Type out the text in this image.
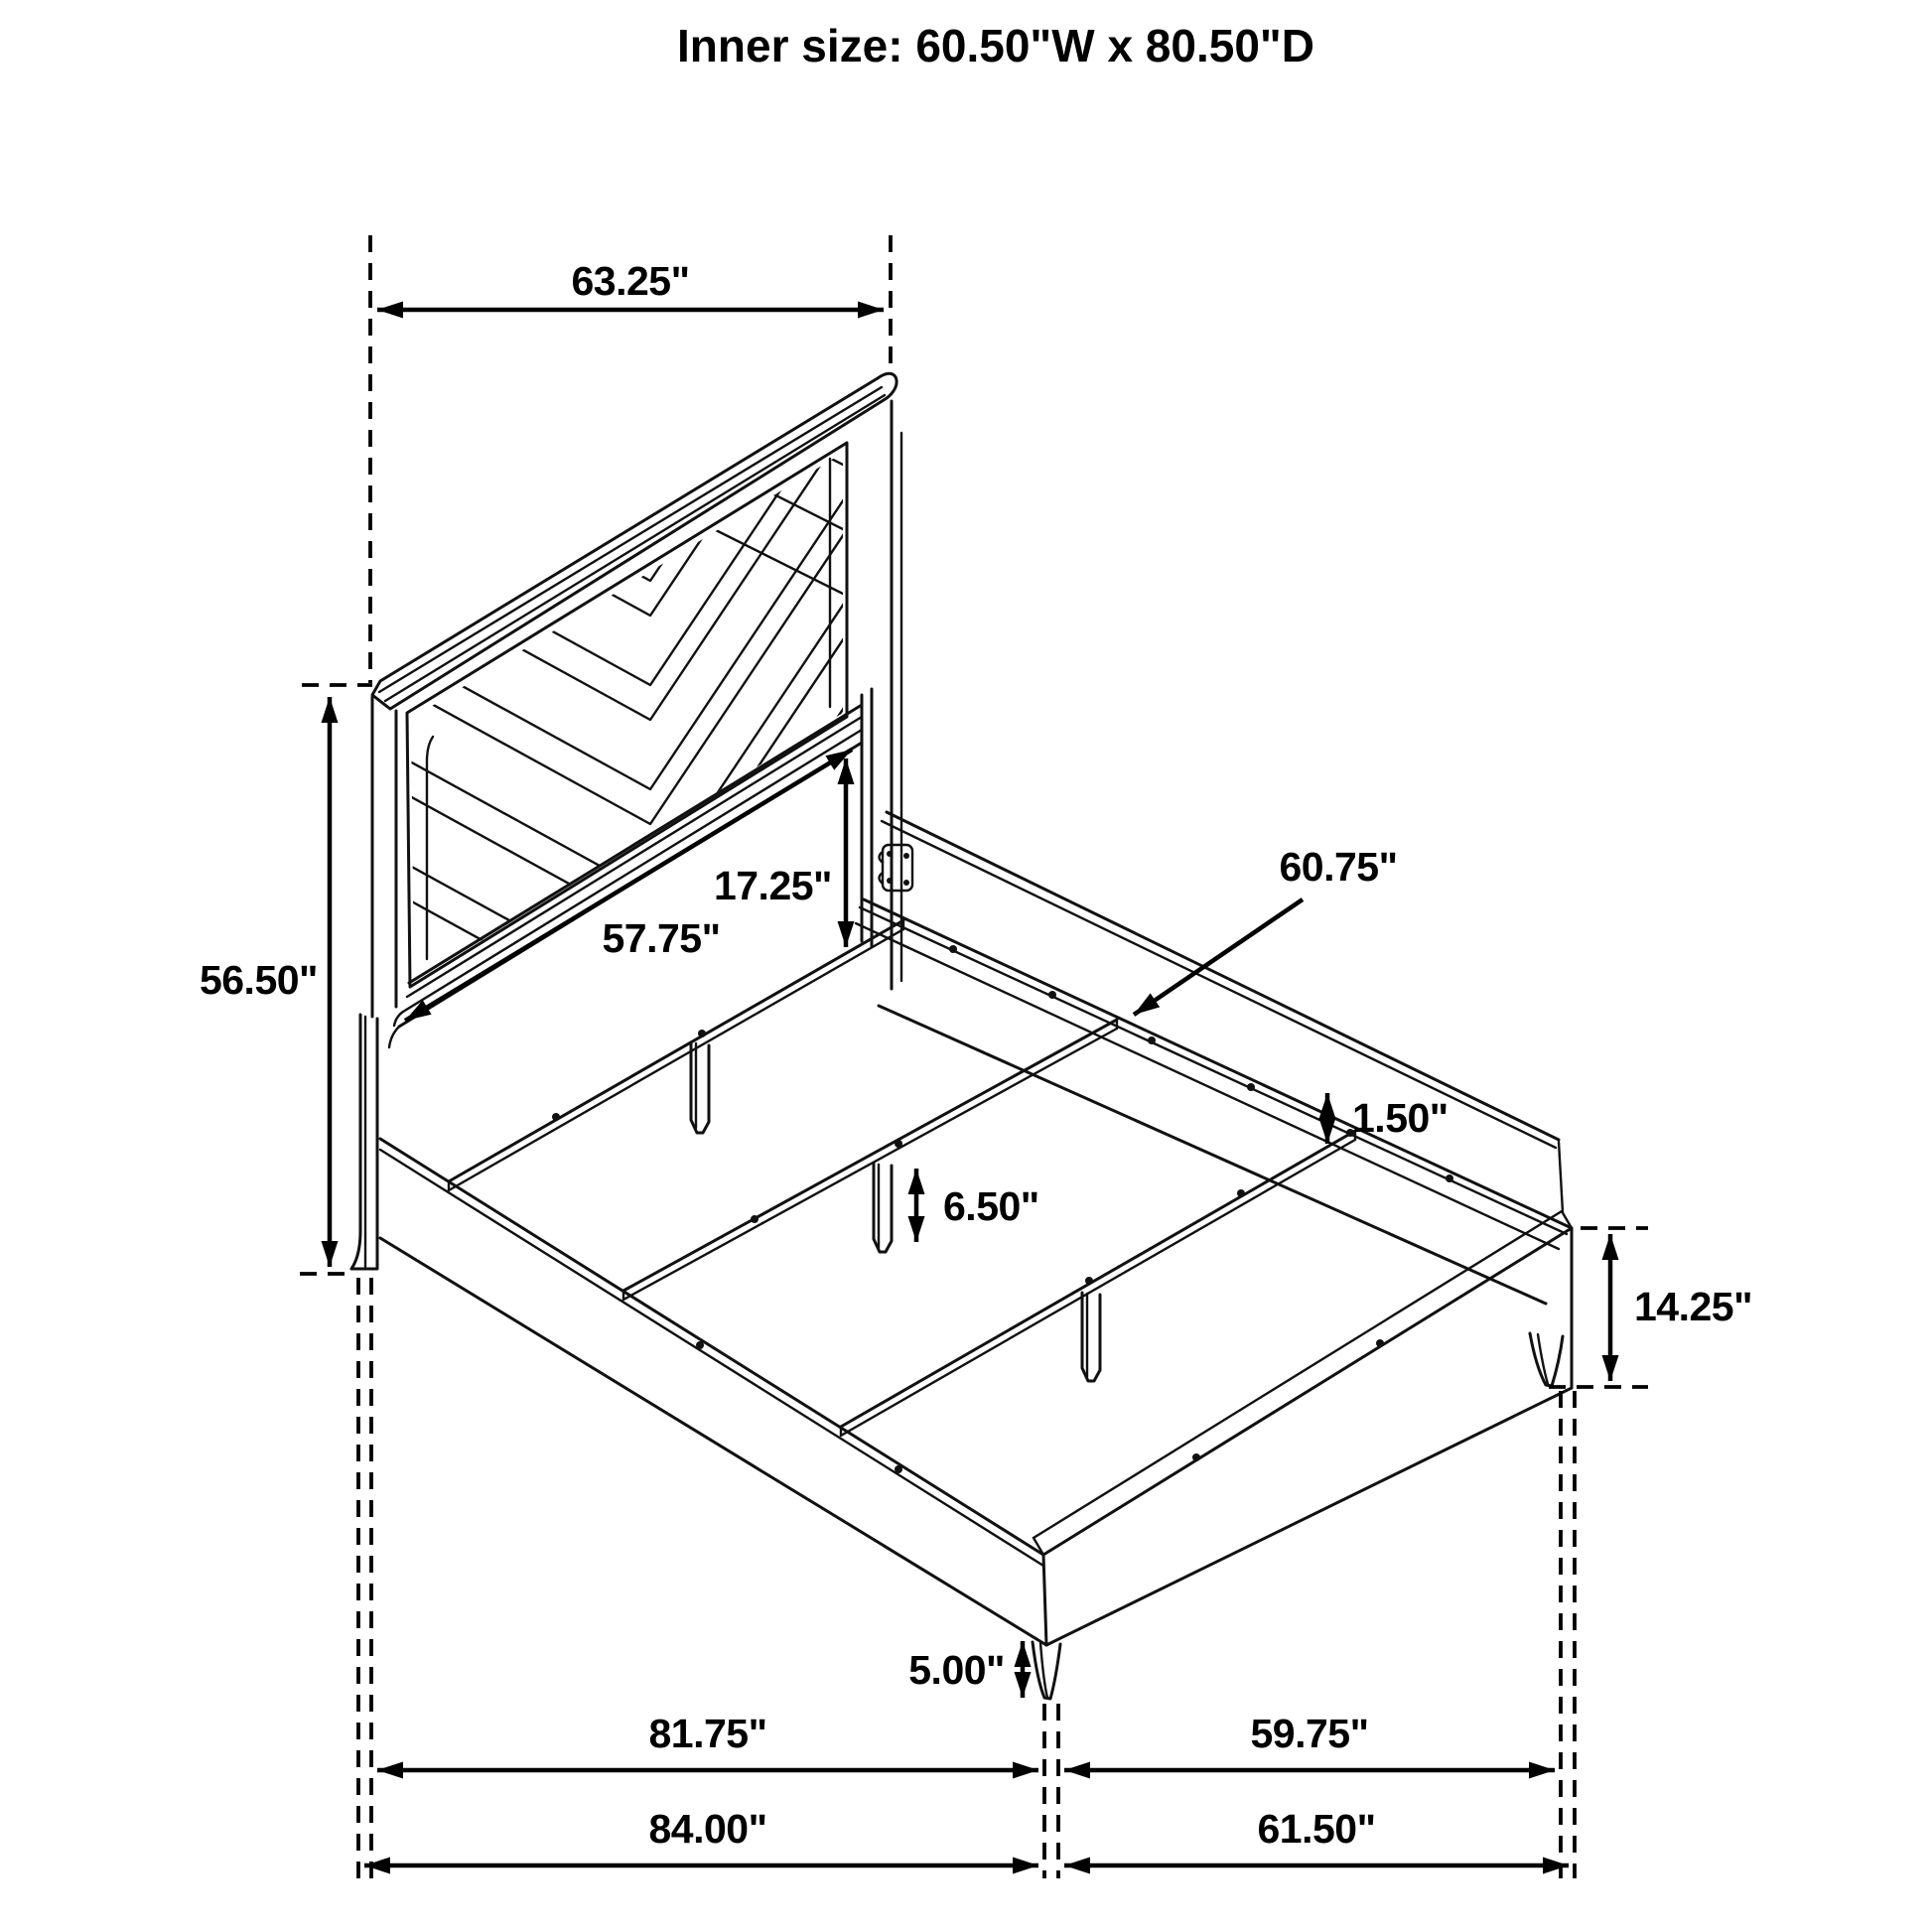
Inner size: 60.50"W x 80.50"D
63.25"
56.50"
17.25"
57.75"
60.75"
1.50"
6.50"
14.25"
5.00"
81.75"	59.75"
84.00"	61.50"
